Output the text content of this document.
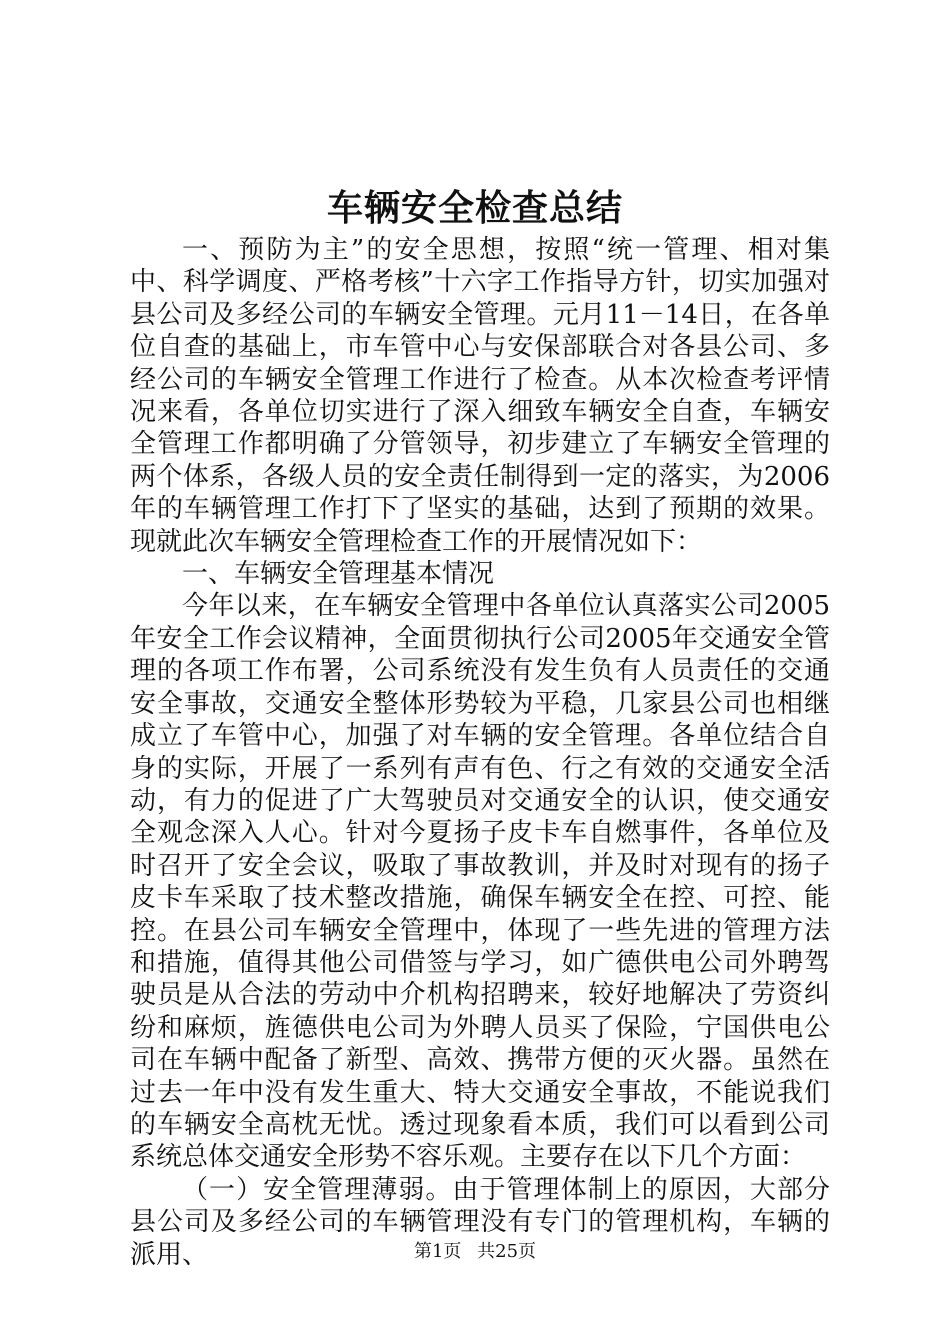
车辆安全检查总结

一、预防为主”的安全思想，按照“统一管理、相对集中、科学调度、严格考核”十六字工作指导方针，切实加强对县公司及多经公司的车辆安全管理。元月11－14日，在各单位自查的基础上，市车管中心与安保部联合对各县公司、多经公司的车辆安全管理工作进行了检查。从本次检查考评情况来看，各单位切实进行了深入细致车辆安全自查，车辆安全管理工作都明确了分管领导，初步建立了车辆安全管理的两个体系，各级人员的安全责任制得到一定的落实，为2006年的车辆管理工作打下了坚实的基础，达到了预期的效果。现就此次车辆安全管理检查工作的开展情况如下：

一、车辆安全管理基本情况

今年以来，在车辆安全管理中各单位认真落实公司2005年安全工作会议精神，全面贯彻执行公司2005年交通安全管理的各项工作布署，公司系统没有发生负有人员责任的交通安全事故，交通安全整体形势较为平稳，几家县公司也相继成立了车管中心，加强了对车辆的安全管理。各单位结合自身的实际，开展了一系列有声有色、行之有效的交通安全活动，有力的促进了广大驾驶员对交通安全的认识，使交通安全观念深入人心。针对今夏扬子皮卡车自燃事件，各单位及时召开了安全会议，吸取了事故教训，并及时对现有的扬子皮卡车采取了技术整改措施，确保车辆安全在控、可控、能控。在县公司车辆安全管理中，体现了一些先进的管理方法和措施，值得其他公司借签与学习，如广德供电公司外聘驾驶员是从合法的劳动中介机构招聘来，较好地解决了劳资纠纷和麻烦，旌德供电公司为外聘人员买了保险，宁国供电公司在车辆中配备了新型、高效、携带方便的灭火器。虽然在过去一年中没有发生重大、特大交通安全事故，不能说我们的车辆安全高枕无忧。透过现象看本质，我们可以看到公司系统总体交通安全形势不容乐观。主要存在以下几个方面：

（一）安全管理薄弱。由于管理体制上的原因，大部分县公司及多经公司的车辆管理没有专门的管理机构，车辆的派用、	第1页 共25页
